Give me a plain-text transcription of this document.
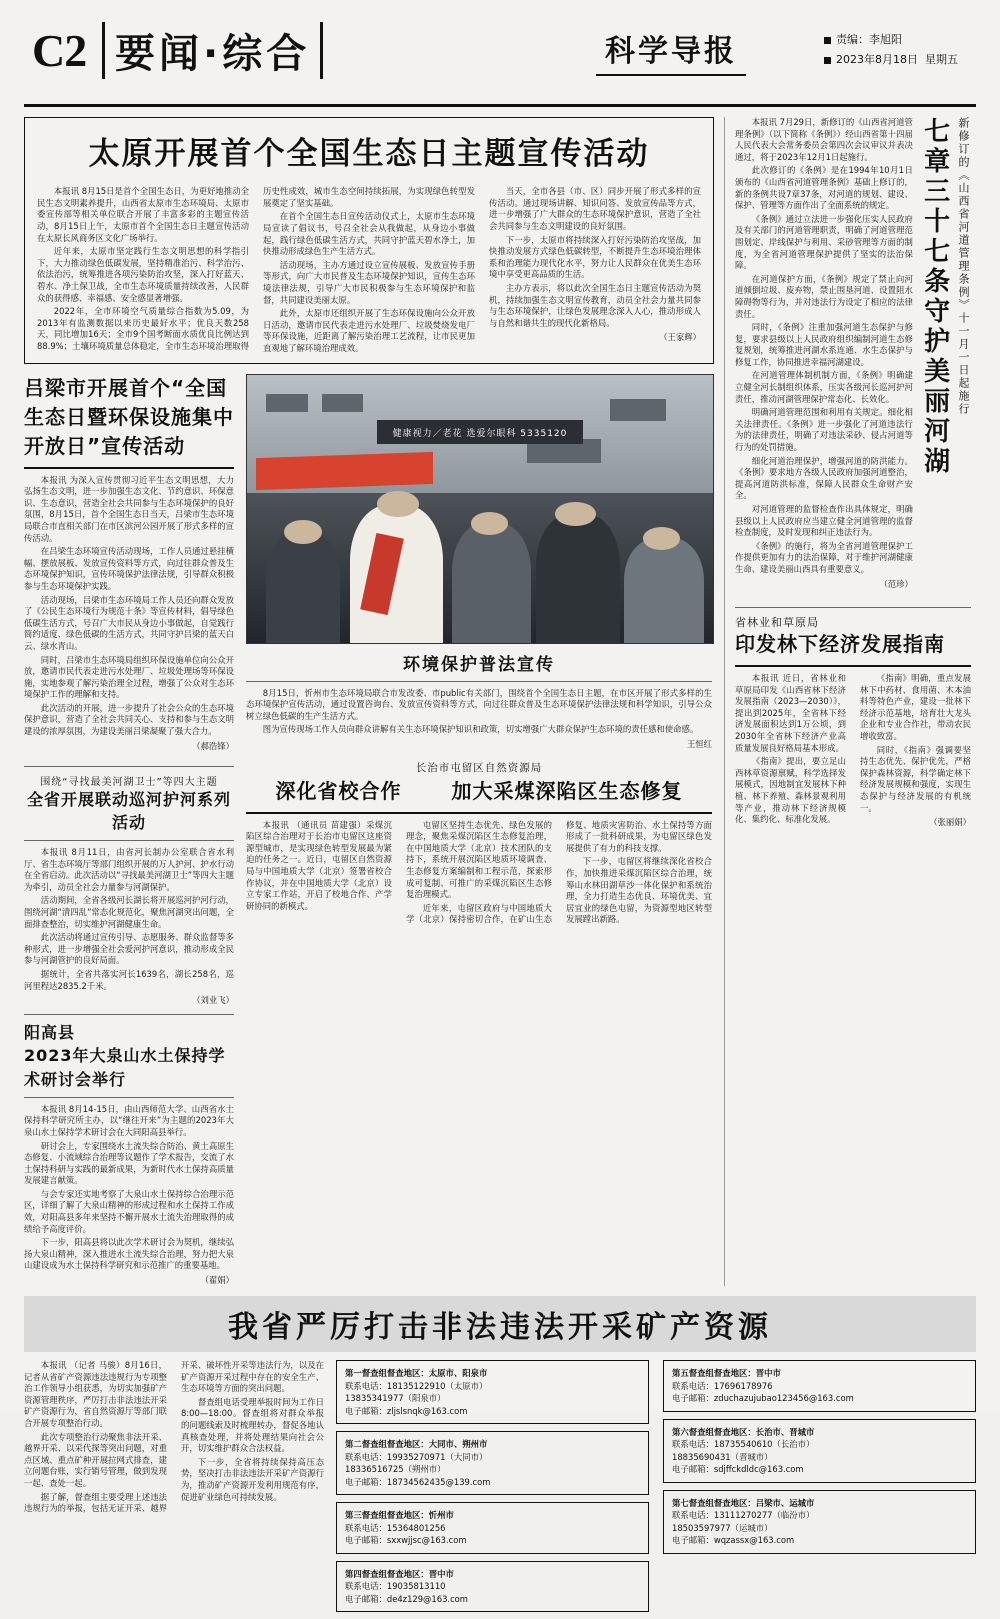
C2 要闻·综合	科学导报	责编：李旭阳
2023年8月18日 星期五
太原开展首个全国生态日主题宣传活动

本报讯 8月15日是首个全国生态日，为更好地推动全民生态文明素养提升，山西省太原市生态环境局、太原市委宣传部等相关单位联合开展了丰富多彩的主题宣传活动，8月15日上午，太原市首个全国生态日主题宣传活动在太原长风商务区文化广场举行。

近年来，太原市坚定践行生态文明思想的科学指引下，大力推动绿色低碳发展，坚持精准治污、科学治污、依法治污，统筹推进各项污染防治攻坚，深入打好蓝天、碧水、净土保卫战，全市生态环境质量持续改善，人民群众的获得感、幸福感、安全感显著增强。

2022年，全市环境空气质量综合指数为5.09，为2013年有监测数据以来历史最好水平；优良天数258天，同比增加16天；全市9个国考断面水质优良比例达到88.9%；土壤环境质量总体稳定，全市生态环境治理取得历史性成效，城市生态空间持续拓展，为实现绿色转型发展奠定了坚实基础。

在首个全国生态日宣传活动仪式上，太原市生态环境局宣读了倡议书，号召全社会从我做起，从身边小事做起，践行绿色低碳生活方式，共同守护蓝天碧水净土，加快推动形成绿色生产生活方式。

活动现场，主办方通过设立宣传展板、发放宣传手册等形式，向广大市民普及生态环境保护知识，宣传生态环境法律法规，引导广大市民积极参与生态环境保护和监督，共同建设美丽太原。

此外，太原市还组织开展了生态环保设施向公众开放日活动，邀请市民代表走进污水处理厂、垃圾焚烧发电厂等环保设施，近距离了解污染治理工艺流程，让市民更加直观地了解环境治理成效。

当天，全市各县（市、区）同步开展了形式多样的宣传活动。通过现场讲解、知识问答、发放宣传品等方式，进一步增强了广大群众的生态环境保护意识，营造了全社会共同参与生态文明建设的良好氛围。

下一步，太原市将持续深入打好污染防治攻坚战，加快推动发展方式绿色低碳转型，不断提升生态环境治理体系和治理能力现代化水平，努力让人民群众在优美生态环境中享受更高品质的生活。

主办方表示，将以此次全国生态日主题宣传活动为契机，持续加强生态文明宣传教育，动员全社会力量共同参与生态环境保护，让绿色发展理念深入人心，推动形成人与自然和谐共生的现代化新格局。

（王家辉）
吕梁市开展首个“全国生态日暨环保设施集中开放日”宣传活动

本报讯 为深入宣传贯彻习近平生态文明思想，大力弘扬生态文明，进一步加强生态文化、节约意识、环保意识、生态意识，营造全社会共同参与生态环境保护的良好氛围，8月15日，首个全国生态日当天，吕梁市生态环境局联合市直相关部门在市区滨河公园开展了形式多样的宣传活动。

在吕梁生态环境宣传活动现场，工作人员通过悬挂横幅、摆放展板、发放宣传资料等方式，向过往群众普及生态环境保护知识，宣传环境保护法律法规，引导群众积极参与生态环境保护实践。

活动现场，吕梁市生态环境局工作人员还向群众发放了《公民生态环境行为规范十条》等宣传材料，倡导绿色低碳生活方式，号召广大市民从身边小事做起，自觉践行简约适度、绿色低碳的生活方式，共同守护吕梁的蓝天白云、绿水青山。

同时，吕梁市生态环境局组织环保设施单位向公众开放，邀请市民代表走进污水处理厂、垃圾处理场等环保设施，实地参观了解污染治理全过程，增强了公众对生态环境保护工作的理解和支持。

此次活动的开展，进一步提升了社会公众的生态环境保护意识，营造了全社会共同关心、支持和参与生态文明建设的浓厚氛围，为建设美丽吕梁凝聚了强大合力。

（郝浩锋）
健康视力／老花 选爱尔眼科 5335120
环境保护普法宣传

8月15日，忻州市生态环境局联合市发改委、市public有关部门，围绕首个全国生态日主题，在市区开展了形式多样的生态环境保护宣传活动，通过设置咨询台、发放宣传资料等方式，向过往群众普及生态环境保护法律法规和科学知识，引导公众树立绿色低碳的生产生活方式。

图为宣传现场工作人员向群众讲解有关生态环境保护知识和政策，切实增强广大群众保护生态环境的责任感和使命感。

王恒红
围绕“寻找最美河湖卫士”等四大主题
全省开展联动巡河护河系列活动

本报讯 8月11日，由省河长制办公室联合省水利厅、省生态环境厅等部门组织开展的万人护河、护水行动在全省启动。此次活动以“寻找最美河湖卫士”等四大主题为牵引，动员全社会力量参与河湖保护。

活动期间，全省各级河长湖长将开展巡河护河行动，围绕河湖“清四乱”常态化规范化，聚焦河湖突出问题，全面排查整治，切实维护河湖健康生命。

此次活动将通过宣传引导、志愿服务、群众监督等多种形式，进一步增强全社会爱河护河意识，推动形成全民参与河湖管护的良好局面。

据统计，全省共落实河长1639名，湖长258名，巡河里程达2835.2千米。

（刘业飞）
长治市屯留区自然资源局
深化省校合作	加大采煤深陷区生态修复

本报讯 （通讯员 苗建强）采煤沉陷区综合治理对于长治市屯留区这座资源型城市，是实现绿色转型发展最为紧迫的任务之一。近日，屯留区自然资源局与中国地质大学（北京）签署省校合作协议，并在中国地质大学（北京）设立专家工作站，开启了校地合作、产学研协同的新模式。

屯留区坚持生态优先、绿色发展的理念，聚焦采煤沉陷区生态修复治理，在中国地质大学（北京）技术团队的支持下，系统开展沉陷区地质环境调查、生态修复方案编制和工程示范，探索形成可复制、可推广的采煤沉陷区生态修复治理模式。

近年来，屯留区政府与中国地质大学（北京）保持密切合作，在矿山生态修复、地质灾害防治、水土保持等方面形成了一批科研成果，为屯留区绿色发展提供了有力的科技支撑。

下一步，屯留区将继续深化省校合作，加快推进采煤沉陷区综合治理，统筹山水林田湖草沙一体化保护和系统治理，全力打造生态优良、环境优美、宜居宜业的绿色屯留，为资源型地区转型发展蹚出新路。

阳高县
2023年大泉山水土保持学术研讨会举行

本报讯 8月14-15日，由山西师范大学、山西省水土保持科学研究所主办，以“继往开来”为主题的2023年大泉山水土保持学术研讨会在大同阳高县举行。

研讨会上，专家围绕水土流失综合防治、黄土高原生态修复、小流域综合治理等议题作了学术报告，交流了水土保持科研与实践的最新成果，为新时代水土保持高质量发展建言献策。

与会专家还实地考察了大泉山水土保持综合治理示范区，详细了解了大泉山精神的形成过程和水土保持工作成效，对阳高县多年来坚持不懈开展水土流失治理取得的成绩给予高度评价。

下一步，阳高县将以此次学术研讨会为契机，继续弘扬大泉山精神，深入推进水土流失综合治理，努力把大泉山建设成为水土保持科学研究和示范推广的重要基地。

（翟娟）
新修订的《山西省河道管理条例》十一月一日起施行
七章三十七条守护美丽河湖

本报讯 7月29日，新修订的《山西省河道管理条例》（以下简称《条例》）经山西省第十四届人民代表大会常务委员会第四次会议审议并表决通过，将于2023年12月1日起施行。

此次修订的《条例》是在1994年10月1日颁布的《山西省河道管理条例》基础上修订的，新的条例共设7章37条，对河道的规划、建设、保护、管理等方面作出了全面系统的规定。

《条例》通过立法进一步强化压实人民政府及有关部门的河道管理职责，明确了河道管理范围划定、岸线保护与利用、采砂管理等方面的制度，为全省河道管理保护提供了坚实的法治保障。

在河道保护方面，《条例》规定了禁止向河道倾倒垃圾、废弃物，禁止围垦河道、设置阻水障碍物等行为，并对违法行为设定了相应的法律责任。

同时，《条例》注重加强河道生态保护与修复，要求县级以上人民政府组织编制河道生态修复规划，统筹推进河湖水系连通、水生态保护与修复工作，协同推进幸福河湖建设。

在河道管理体制机制方面，《条例》明确建立健全河长制组织体系，压实各级河长巡河护河责任，推动河湖管理保护常态化、长效化。

明确河道管理范围和利用有关规定。细化相关法律责任。《条例》进一步强化了河道违法行为的法律责任，明确了对违法采砂、侵占河道等行为的处罚措施。

细化河道治理保护，增强河道的防洪能力。《条例》要求地方各级人民政府加强河道整治，提高河道防洪标准，保障人民群众生命财产安全。

对河道管理的监督检查作出具体规定，明确县级以上人民政府应当建立健全河道管理的监督检查制度，及时发现和纠正违法行为。

《条例》的施行，将为全省河道管理保护工作提供更加有力的法治保障，对于维护河湖健康生命、建设美丽山西具有重要意义。

（范珍）
省林业和草原局
印发林下经济发展指南

本报讯 近日，省林业和草原局印发《山西省林下经济发展指南（2023—2030）》，提出到2025年，全省林下经济发展面积达到1万公顷，到2030年全省林下经济产业高质量发展良好格局基本形成。

《指南》提出，要立足山西林草资源禀赋，科学选择发展模式，因地制宜发展林下种植、林下养殖、森林景观利用等产业，推动林下经济规模化、集约化、标准化发展。

《指南》明确，重点发展林下中药材、食用菌、木本油料等特色产业，建设一批林下经济示范基地，培育壮大龙头企业和专业合作社，带动农民增收致富。

同时，《指南》强调要坚持生态优先、保护优先，严格保护森林资源，科学确定林下经济发展规模和强度，实现生态保护与经济发展的有机统一。

（张丽娟）
我省严厉打击非法违法开采矿产资源

本报讯 （记者 马骏）8月16日，记者从省矿产资源违法违规行为专项整治工作领导小组获悉，为切实加强矿产资源管理秩序，严厉打击非法违法开采矿产资源行为，省自然资源厅等部门联合开展专项整治行动。

此次专项整治行动聚焦非法开采、越界开采、以采代探等突出问题，对重点区域、重点矿种开展拉网式排查，建立问题台账，实行销号管理，做到发现一起、查处一起。

据了解，督查组主要受理上述违法违规行为的举报，包括无证开采、越界开采、破坏性开采等违法行为，以及在矿产资源开采过程中存在的安全生产、生态环境等方面的突出问题。

督查组电话受理举报时间为工作日8:00—18:00。督查组将对群众举报的问题线索及时梳理转办，督促各地认真核查处理，并将处理结果向社会公开，切实维护群众合法权益。

下一步，全省将持续保持高压态势，坚决打击非法违法开采矿产资源行为，推动矿产资源开发利用规范有序，促进矿业绿色可持续发展。

第一督查组督查地区：太原市、阳泉市
联系电话：18135122910（太原市）
13835341977（阳泉市）
电子邮箱：zljslsnqk@163.com
第二督查组督查地区：大同市、朔州市
联系电话：19935270971（大同市）
18336516725（朔州市）
电子邮箱：18734562435@139.com
第三督查组督查地区：忻州市
联系电话：15364801256
电子邮箱：sxxwjjsc@163.com
第四督查组督查地区：晋中市
联系电话：19035813110
电子邮箱：de4z129@163.com
第五督查组督查地区：晋中市
联系电话：17696178976
电子邮箱：zduchazujubao123456@163.com
第六督查组督查地区：长治市、晋城市
联系电话：18735540610（长治市）
18835690431（晋城市）
电子邮箱：sdjffckdldc@163.com
第七督查组督查地区：吕梁市、运城市
联系电话：13111270277（临汾市）
18503597977（运城市）
电子邮箱：wqzassx@163.com
